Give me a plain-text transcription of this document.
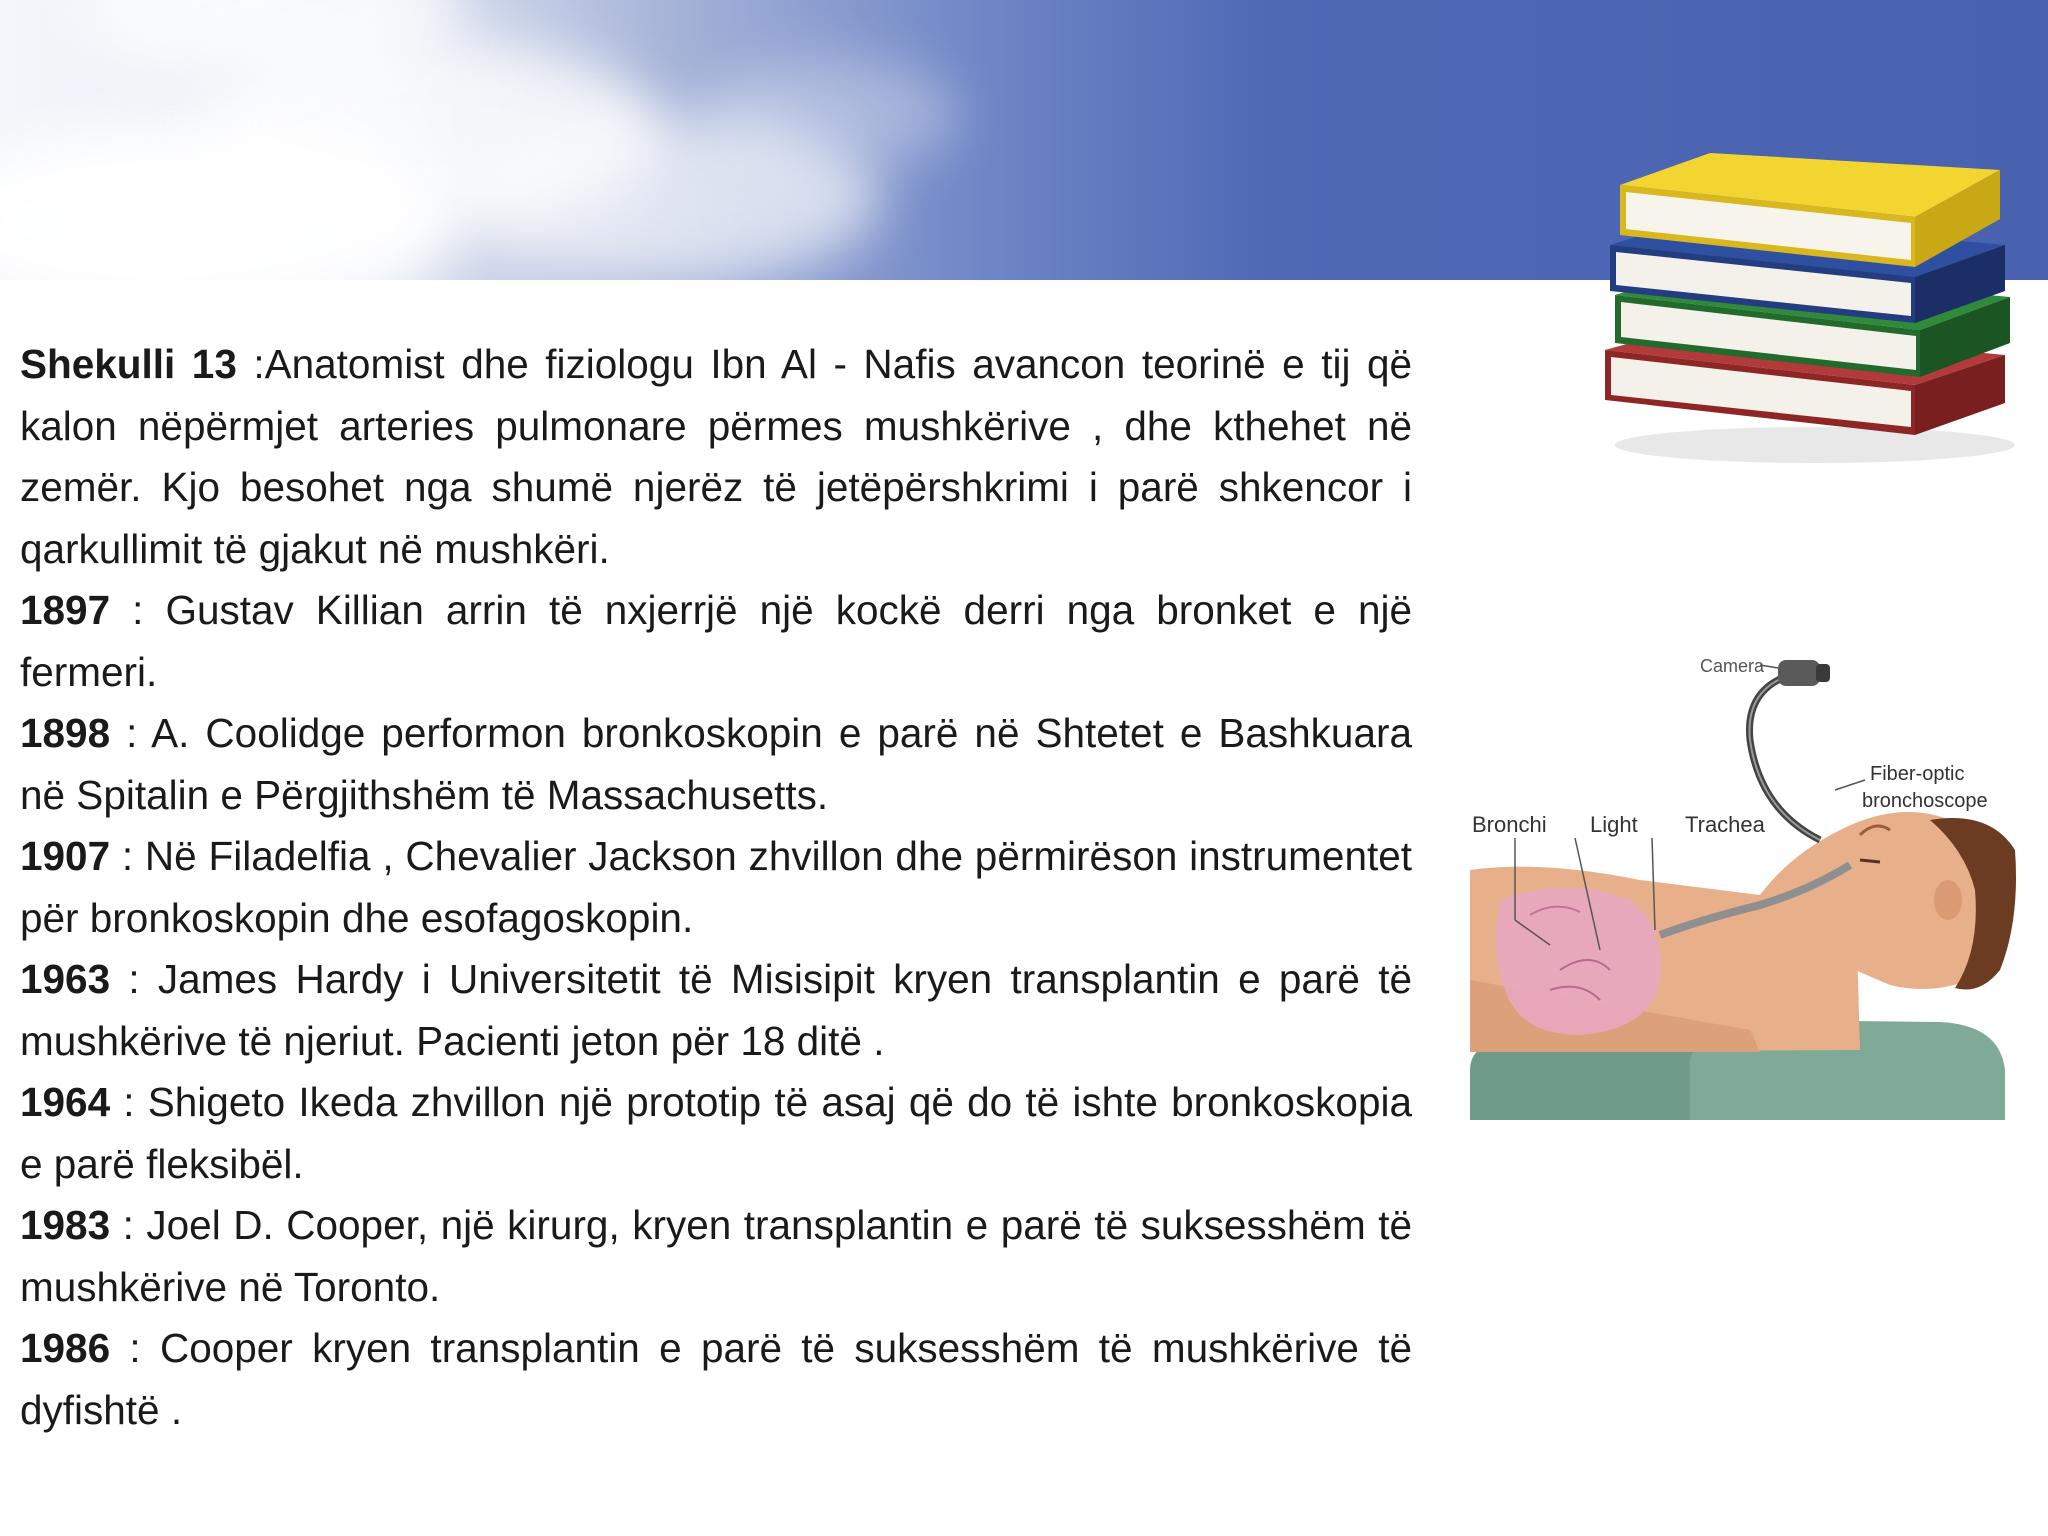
Shekulli 13 :Anatomist dhe fiziologu Ibn Al - Nafis avancon teorinë e tij që kalon nëpërmjet arteries pulmonare përmes mushkërive , dhe kthehet në zemër. Kjo besohet nga shumë njerëz të jetëpërshkrimi i parë shkencor i qarkullimit të gjakut në mushkëri.

1897 : Gustav Killian arrin të nxjerrjë një kockë derri nga bronket e një fermeri.

1898 : A. Coolidge performon bronkoskopin e parë në Shtetet e Bashkuara në Spitalin e Përgjithshëm të Massachusetts.

1907 : Në Filadelfia , Chevalier Jackson zhvillon dhe përmirëson instrumentet për bronkoskopin dhe esofagoskopin.

1963 : James Hardy i Universitetit të Misisipit kryen transplantin e parë të mushkërive të njeriut. Pacienti jeton për 18 ditë .

1964 : Shigeto Ikeda zhvillon një prototip të asaj që do të ishte bronkoskopia e parë fleksibël.

1983 : Joel D. Cooper, një kirurg, kryen transplantin e parë të suksesshëm të mushkërive në Toronto.

1986 : Cooper kryen transplantin e parë të suksesshëm të mushkërive të dyfishtë .

Camera
Fiber-optic
bronchoscope
Bronchi Light Trachea
